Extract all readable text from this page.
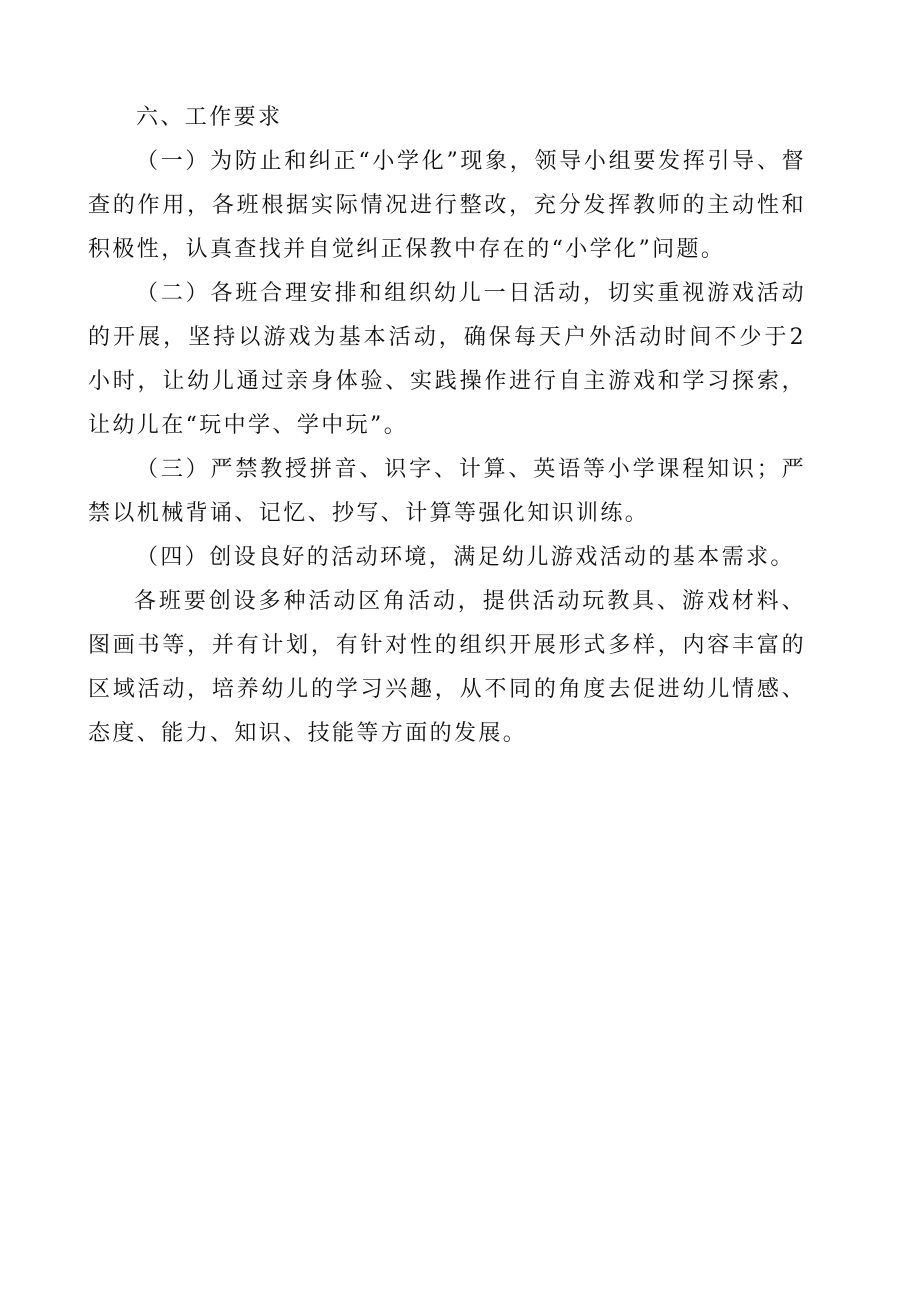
六、工作要求

（一）为防止和纠正“小学化”现象，领导小组要发挥引导、督查的作用，各班根据实际情况进行整改，充分发挥教师的主动性和积极性，认真查找并自觉纠正保教中存在的“小学化”问题。

（二）各班合理安排和组织幼儿一日活动，切实重视游戏活动的开展，坚持以游戏为基本活动，确保每天户外活动时间不少于2小时，让幼儿通过亲身体验、实践操作进行自主游戏和学习探索，让幼儿在“玩中学、学中玩”。

（三）严禁教授拼音、识字、计算、英语等小学课程知识；严禁以机械背诵、记忆、抄写、计算等强化知识训练。

（四）创设良好的活动环境，满足幼儿游戏活动的基本需求。

各班要创设多种活动区角活动，提供活动玩教具、游戏材料、图画书等，并有计划，有针对性的组织开展形式多样，内容丰富的区域活动，培养幼儿的学习兴趣，从不同的角度去促进幼儿情感、态度、能力、知识、技能等方面的发展。
